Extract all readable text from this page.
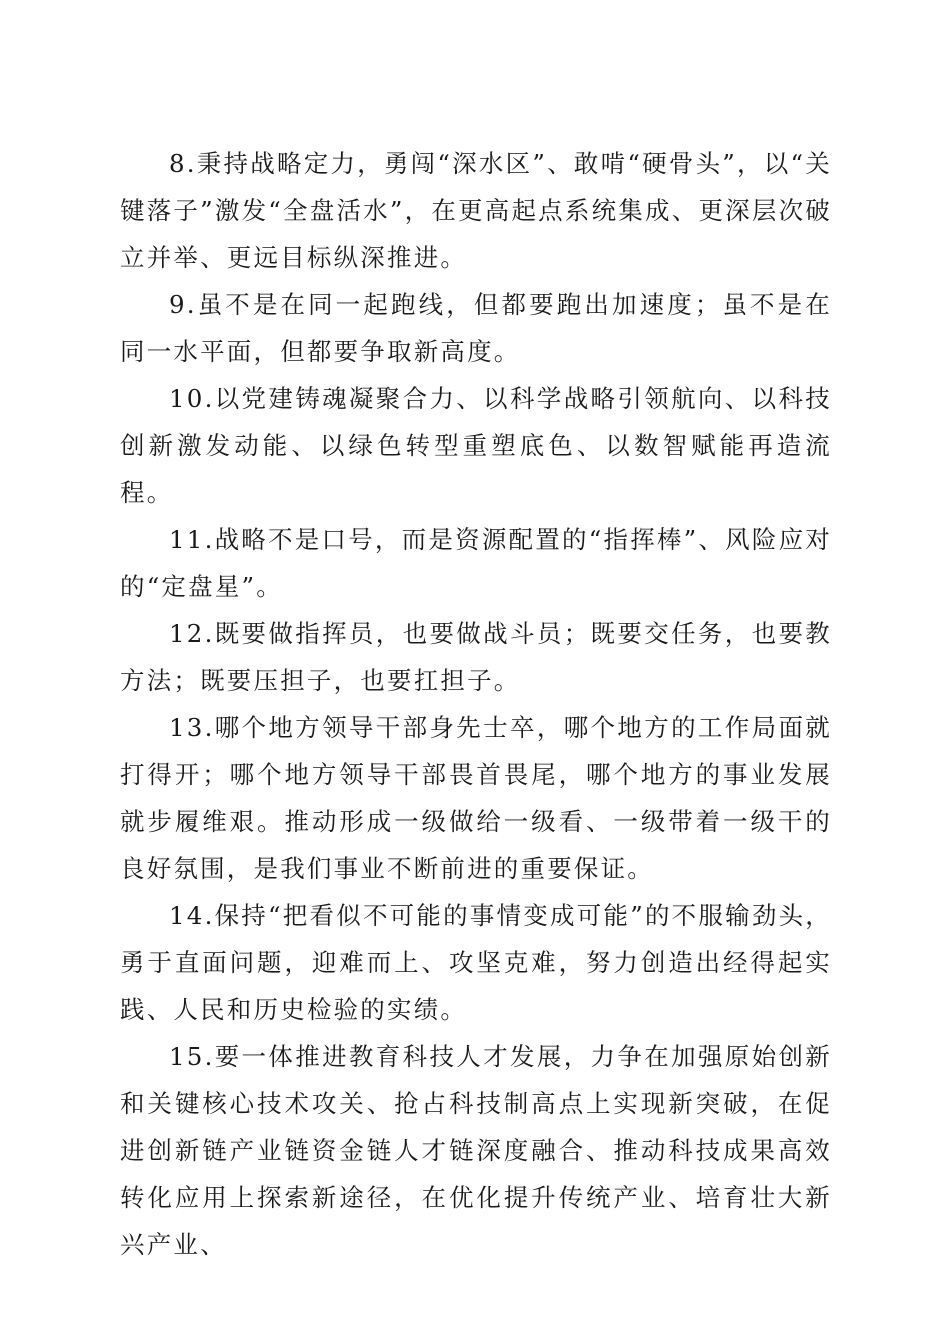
8.秉持战略定力，勇闯“深水区”、敢啃“硬骨头”，以“关键落子”激发“全盘活水”，在更高起点系统集成、更深层次破立并举、更远目标纵深推进。

9.虽不是在同一起跑线，但都要跑出加速度；虽不是在同一水平面，但都要争取新高度。

10.以党建铸魂凝聚合力、以科学战略引领航向、以科技创新激发动能、以绿色转型重塑底色、以数智赋能再造流程。

11.战略不是口号，而是资源配置的“指挥棒”、风险应对的“定盘星”。

12.既要做指挥员，也要做战斗员；既要交任务，也要教方法；既要压担子，也要扛担子。

13.哪个地方领导干部身先士卒，哪个地方的工作局面就打得开；哪个地方领导干部畏首畏尾，哪个地方的事业发展就步履维艰。推动形成一级做给一级看、一级带着一级干的良好氛围，是我们事业不断前进的重要保证。

14.保持“把看似不可能的事情变成可能”的不服输劲头，勇于直面问题，迎难而上、攻坚克难，努力创造出经得起实践、人民和历史检验的实绩。

15.要一体推进教育科技人才发展，力争在加强原始创新和关键核心技术攻关、抢占科技制高点上实现新突破，在促进创新链产业链资金链人才链深度融合、推动科技成果高效转化应用上探索新途径，在优化提升传统产业、培育壮大新兴产业、
